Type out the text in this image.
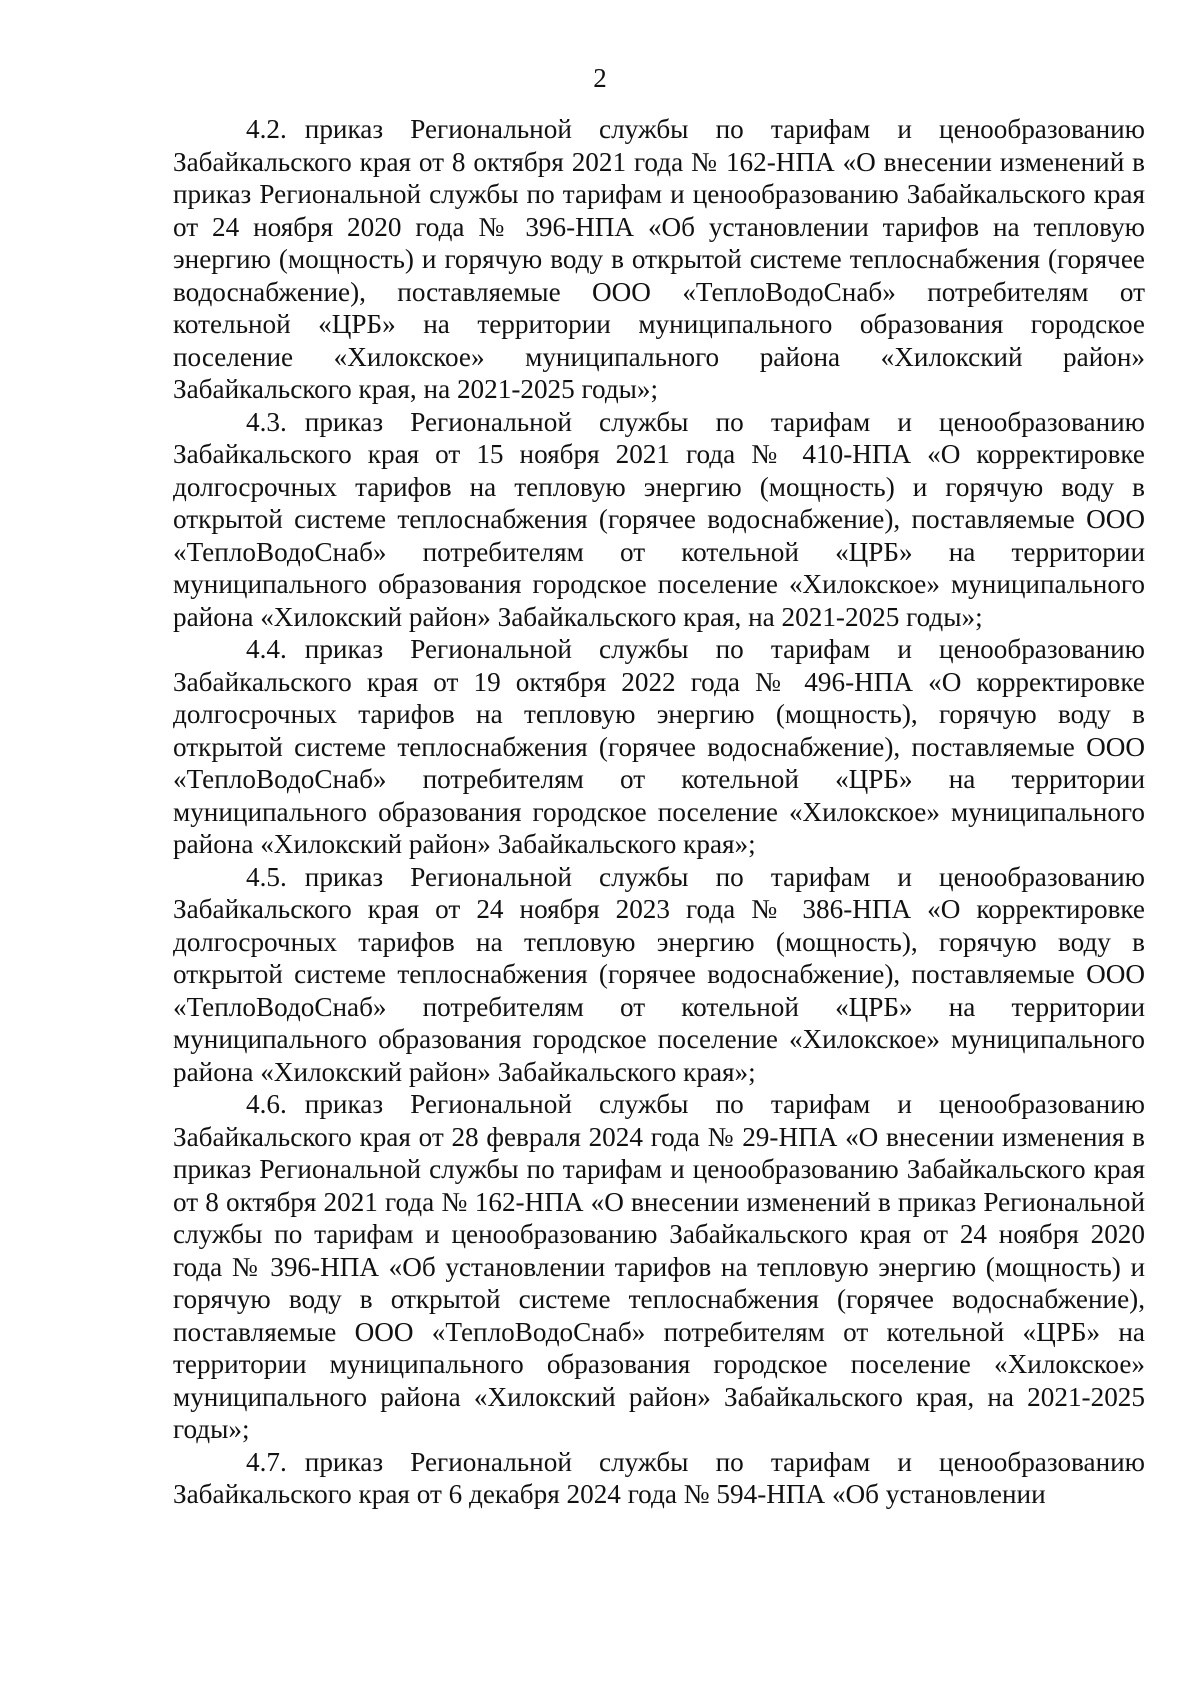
2

4.2. приказ Региональной службы по тарифам и ценообразованию Забайкальского края от 8 октября 2021 года № 162-НПА «О внесении изменений в приказ Региональной службы по тарифам и ценообразованию Забайкальского края от 24 ноября 2020 года № 396-НПА «Об установлении тарифов на тепловую энергию (мощность) и горячую воду в открытой системе теплоснабжения (горячее водоснабжение), поставляемые ООО «ТеплоВодоСнаб» потребителям от котельной «ЦРБ» на территории муниципального образования городское поселение «Хилокское» муниципального района «Хилокский район» Забайкальского края, на 2021-2025 годы»;

4.3. приказ Региональной службы по тарифам и ценообразованию Забайкальского края от 15 ноября 2021 года № 410-НПА «О корректировке долгосрочных тарифов на тепловую энергию (мощность) и горячую воду в открытой системе теплоснабжения (горячее водоснабжение), поставляемые ООО «ТеплоВодоСнаб» потребителям от котельной «ЦРБ» на территории муниципального образования городское поселение «Хилокское» муниципального района «Хилокский район» Забайкальского края, на 2021-2025 годы»;

4.4. приказ Региональной службы по тарифам и ценообразованию Забайкальского края от 19 октября 2022 года № 496-НПА «О корректировке долгосрочных тарифов на тепловую энергию (мощность), горячую воду в открытой системе теплоснабжения (горячее водоснабжение), поставляемые ООО «ТеплоВодоСнаб» потребителям от котельной «ЦРБ» на территории муниципального образования городское поселение «Хилокское» муниципального района «Хилокский район» Забайкальского края»;

4.5. приказ Региональной службы по тарифам и ценообразованию Забайкальского края от 24 ноября 2023 года № 386-НПА «О корректировке долгосрочных тарифов на тепловую энергию (мощность), горячую воду в открытой системе теплоснабжения (горячее водоснабжение), поставляемые ООО «ТеплоВодоСнаб» потребителям от котельной «ЦРБ» на территории муниципального образования городское поселение «Хилокское» муниципального района «Хилокский район» Забайкальского края»;

4.6. приказ Региональной службы по тарифам и ценообразованию Забайкальского края от 28 февраля 2024 года № 29-НПА «О внесении изменения в приказ Региональной службы по тарифам и ценообразованию Забайкальского края от 8 октября 2021 года № 162-НПА «О внесении изменений в приказ Региональной службы по тарифам и ценообразованию Забайкальского края от 24 ноября 2020 года № 396-НПА «Об установлении тарифов на тепловую энергию (мощность) и горячую воду в открытой системе теплоснабжения (горячее водоснабжение), поставляемые ООО «ТеплоВодоСнаб» потребителям от котельной «ЦРБ» на территории муниципального образования городское поселение «Хилокское» муниципального района «Хилокский район» Забайкальского края, на 2021-2025 годы»;

4.7. приказ Региональной службы по тарифам и ценообразованию Забайкальского края от 6 декабря 2024 года № 594-НПА «Об установлении
